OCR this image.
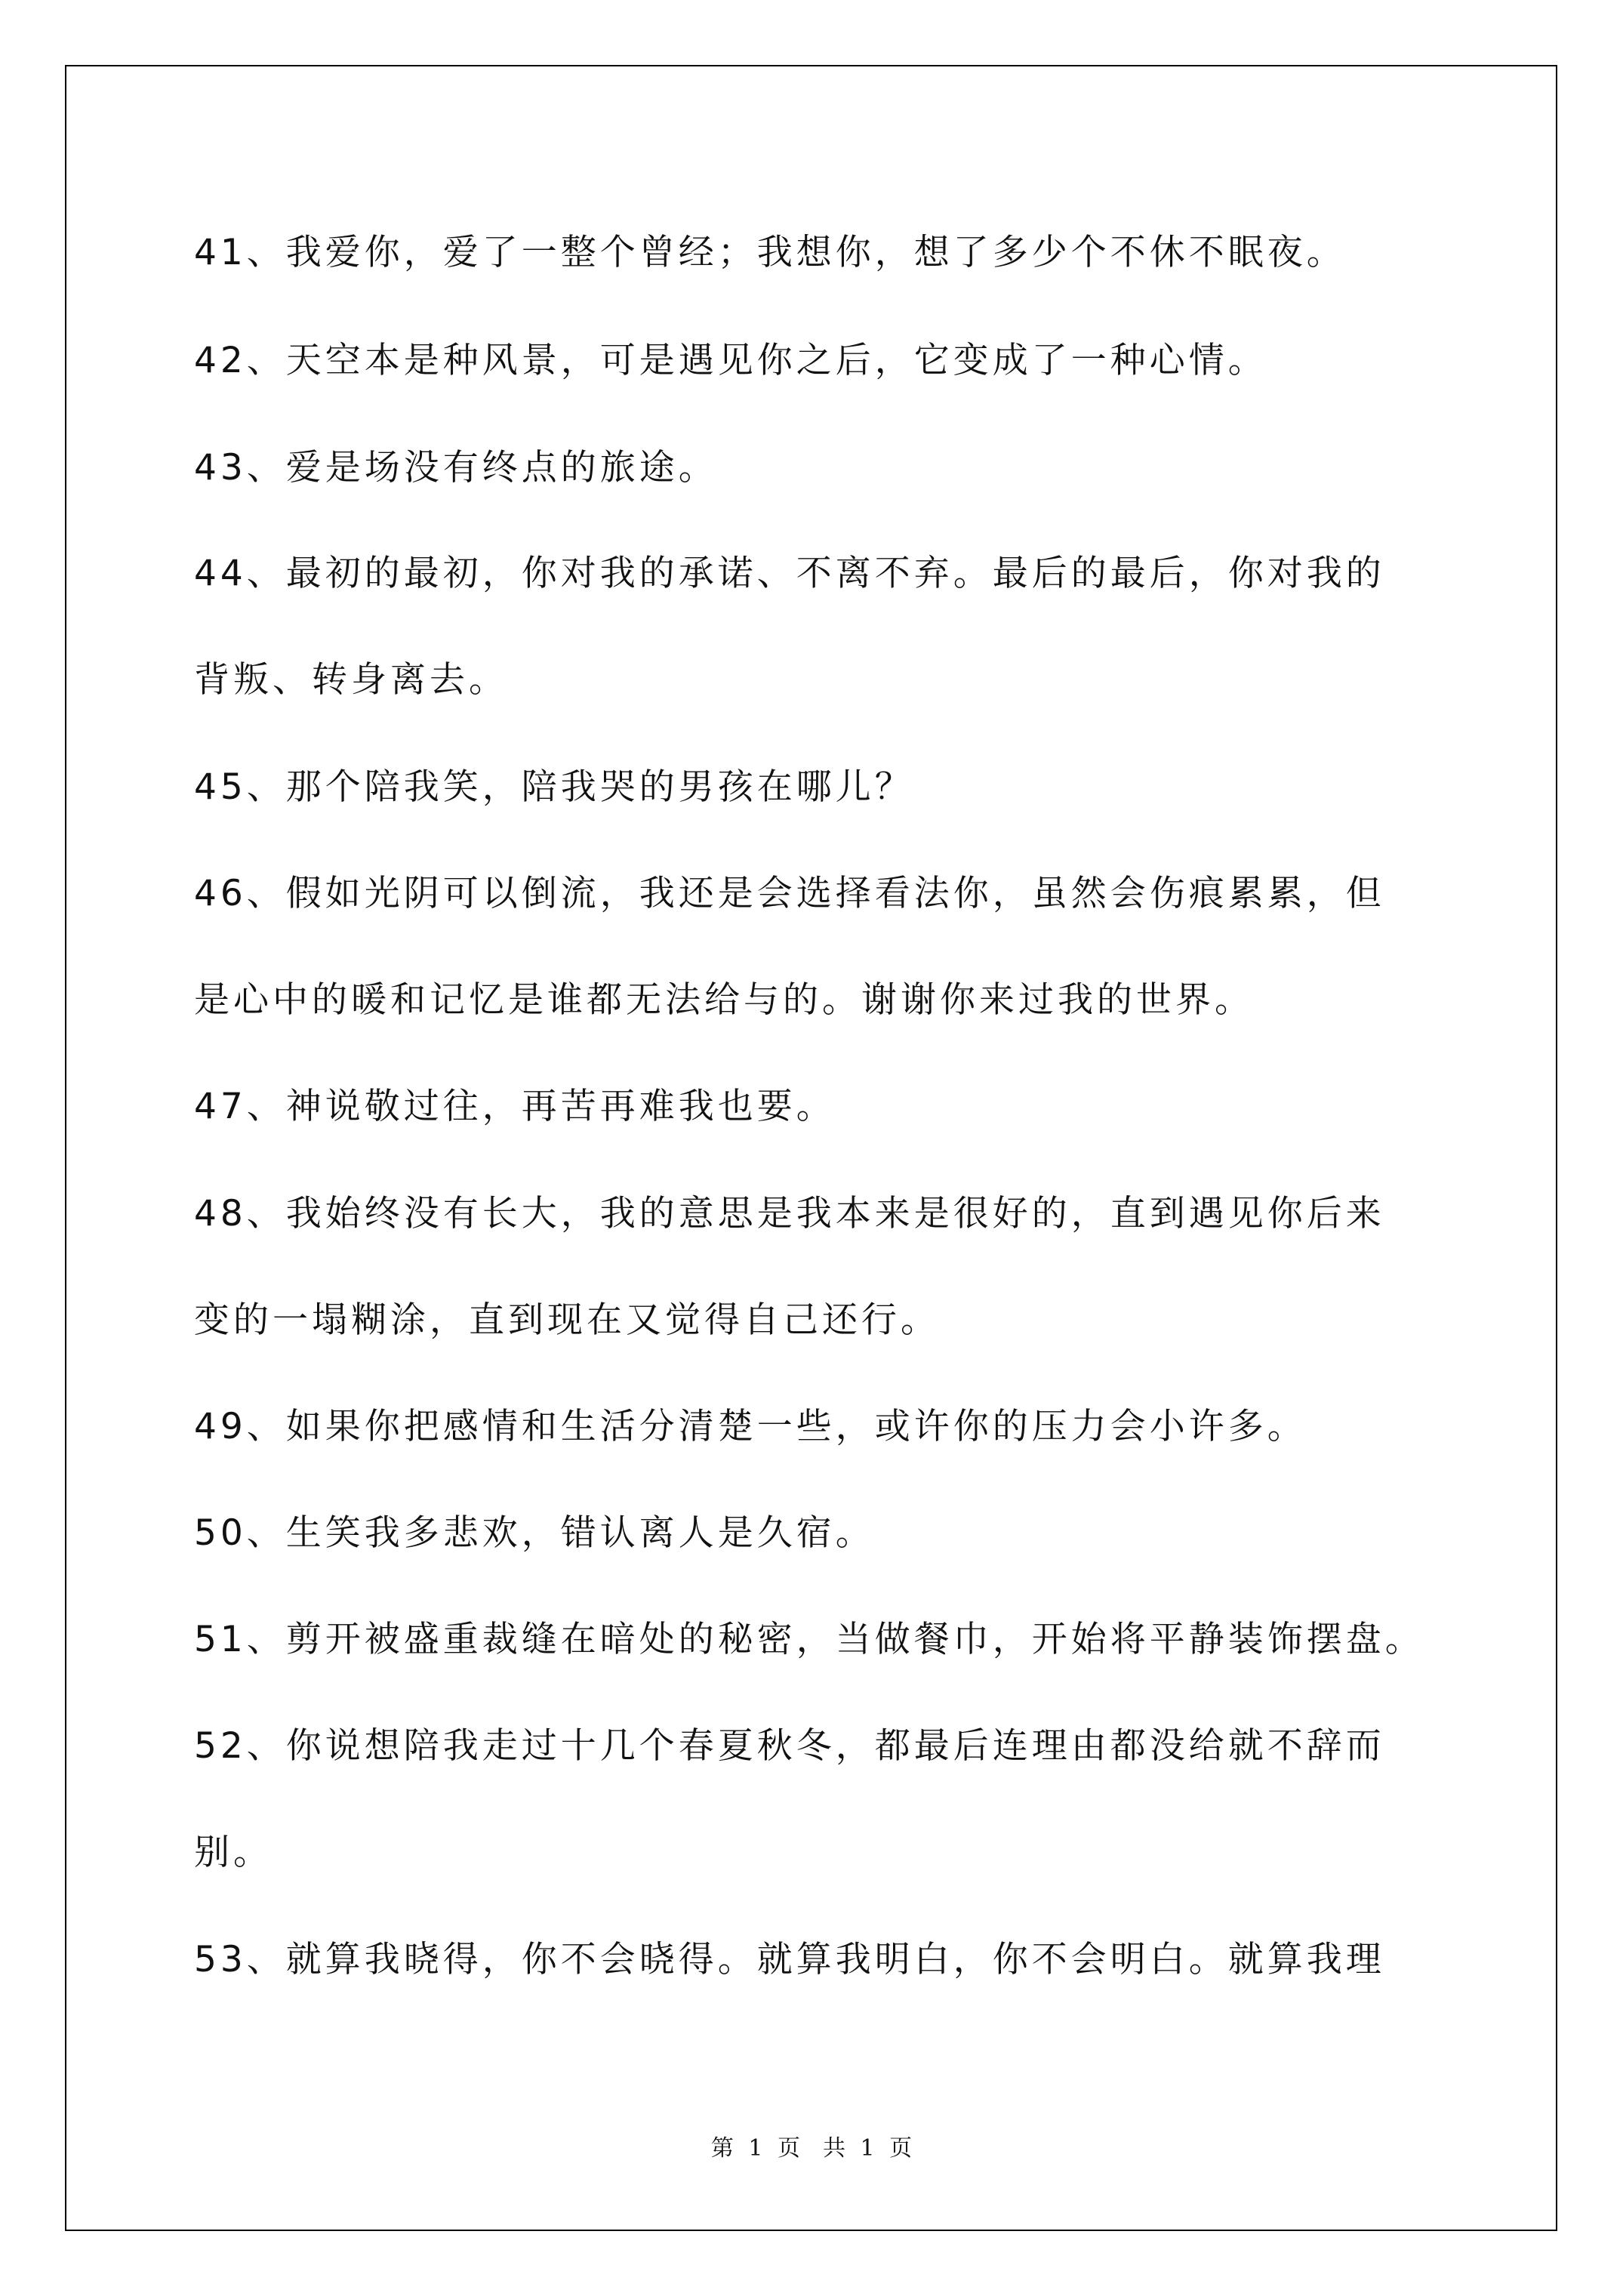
41、我爱你，爱了一整个曾经；我想你，想了多少个不休不眠夜。
42、天空本是种风景，可是遇见你之后，它变成了一种心情。
43、爱是场没有终点的旅途。
44、最初的最初，你对我的承诺、不离不弃。最后的最后，你对我的
背叛、转身离去。
45、那个陪我笑，陪我哭的男孩在哪儿？
46、假如光阴可以倒流，我还是会选择看法你，虽然会伤痕累累，但
是心中的暖和记忆是谁都无法给与的。谢谢你来过我的世界。
47、神说敬过往，再苦再难我也要。
48、我始终没有长大，我的意思是我本来是很好的，直到遇见你后来
变的一塌糊涂，直到现在又觉得自己还行。
49、如果你把感情和生活分清楚一些，或许你的压力会小许多。
50、生笑我多悲欢，错认离人是久宿。
51、剪开被盛重裁缝在暗处的秘密，当做餐巾，开始将平静装饰摆盘。
52、你说想陪我走过十几个春夏秋冬，都最后连理由都没给就不辞而
别。
53、就算我晓得，你不会晓得。就算我明白，你不会明白。就算我理
第 1 页　共 1 页
